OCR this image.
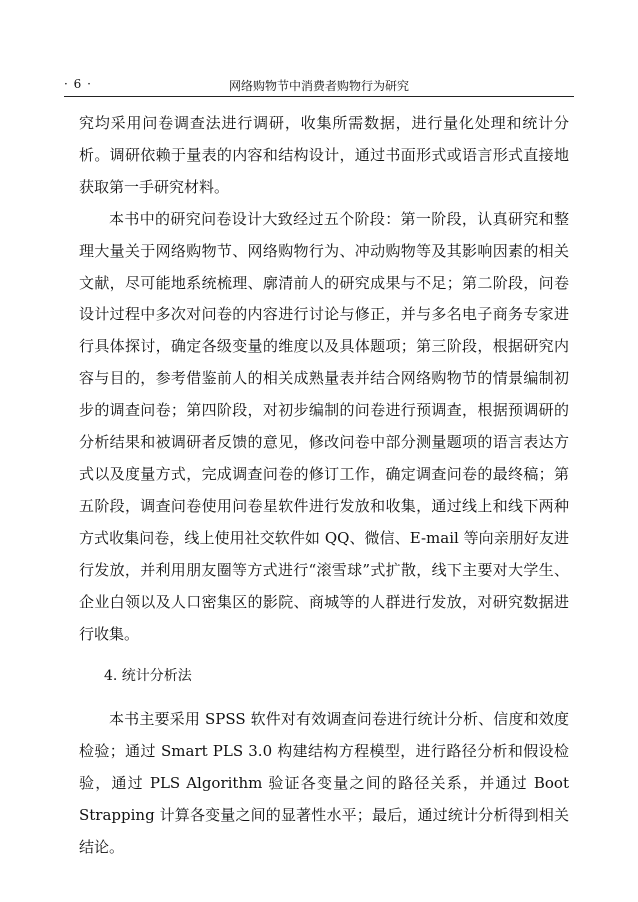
· 6 ·	网络购物节中消费者购物行为研究

究均采用问卷调查法进行调研，收集所需数据，进行量化处理和统计分析。调研依赖于量表的内容和结构设计，通过书面形式或语言形式直接地获取第一手研究材料。

本书中的研究问卷设计大致经过五个阶段：第一阶段，认真研究和整理大量关于网络购物节、网络购物行为、冲动购物等及其影响因素的相关文献，尽可能地系统梳理、廓清前人的研究成果与不足；第二阶段，问卷设计过程中多次对问卷的内容进行讨论与修正，并与多名电子商务专家进行具体探讨，确定各级变量的维度以及具体题项；第三阶段，根据研究内容与目的，参考借鉴前人的相关成熟量表并结合网络购物节的情景编制初步的调查问卷；第四阶段，对初步编制的问卷进行预调查，根据预调研的分析结果和被调研者反馈的意见，修改问卷中部分测量题项的语言表达方式以及度量方式，完成调查问卷的修订工作，确定调查问卷的最终稿；第五阶段，调查问卷使用问卷星软件进行发放和收集，通过线上和线下两种方式收集问卷，线上使用社交软件如 QQ、微信、E-mail 等向亲朋好友进行发放，并利用朋友圈等方式进行“滚雪球”式扩散，线下主要对大学生、企业白领以及人口密集区的影院、商城等的人群进行发放，对研究数据进行收集。

4. 统计分析法

本书主要采用 SPSS 软件对有效调查问卷进行统计分析、信度和效度检验；通过 Smart PLS 3.0 构建结构方程模型，进行路径分析和假设检验，通过 PLS Algorithm 验证各变量之间的路径关系，并通过 Boot Strapping 计算各变量之间的显著性水平；最后，通过统计分析得到相关结论。
